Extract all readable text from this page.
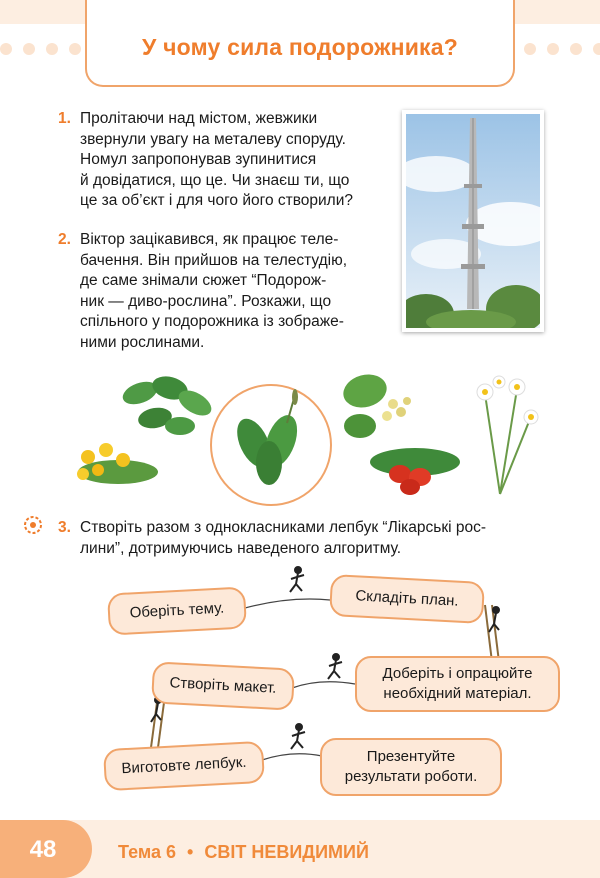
У чому сила подорожника?
1. Пролітаючи над містом, жевжики
звернули увагу на металеву споруду.
Номул запропонував зупинитися
й довідатися, що це. Чи знаєш ти, що
це за об’єкт і для чого його створили?
2. Віктор зацікавився, як працює теле-
бачення. Він прийшов на телестудію,
де саме знімали сюжет “Подорож-
ник — диво-рослина”. Розкажи, що
спільного у подорожника із зображе-
ними рослинами.
3. Створіть разом з однокласниками лепбук “Лікарські рос-
лини”, дотримуючись наведеного алгоритму.
Оберіть тему.
Складіть план.
Доберіть і опрацюйте
необхідний матеріал.
Створіть макет.
Виготовте лепбук.	Презентуйте
результати роботи.
48	Тема 6 • СВІТ НЕВИДИМИЙ
